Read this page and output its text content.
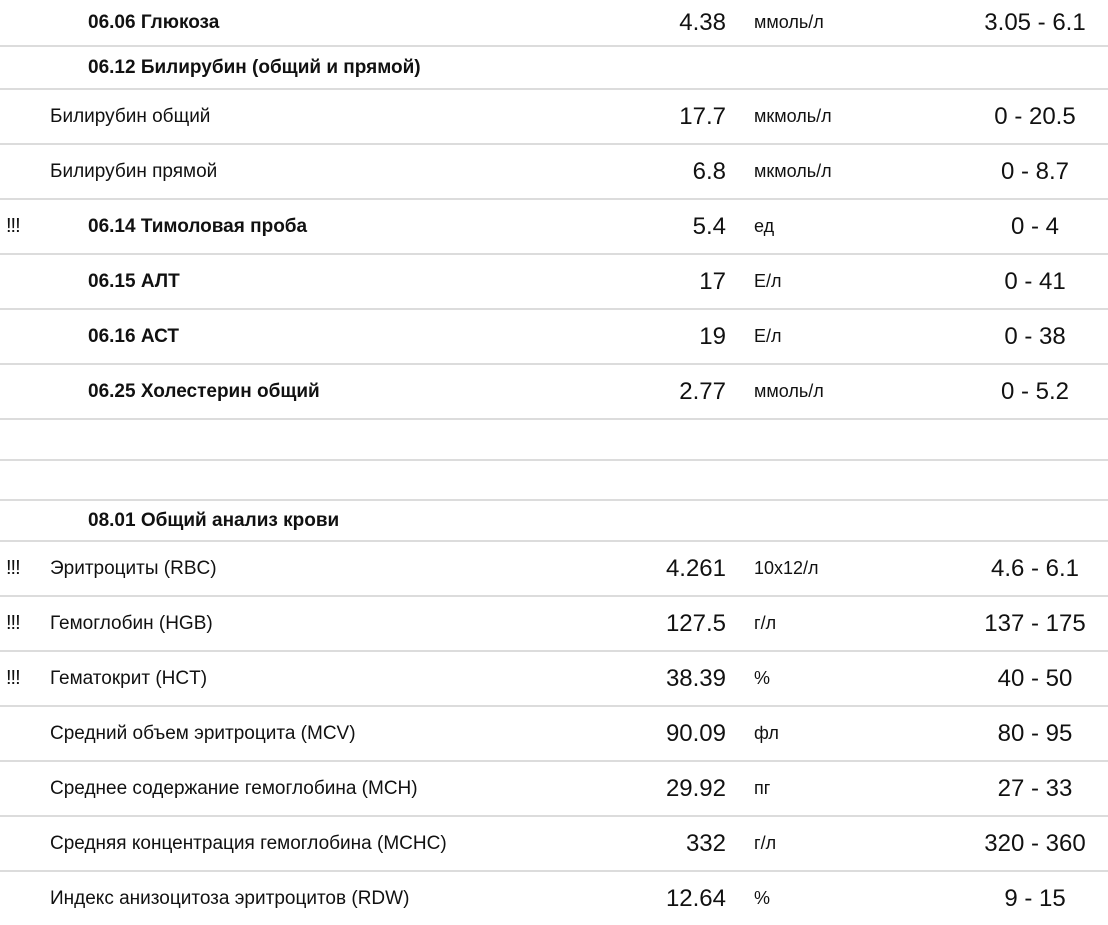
06.06 Глюкоза	4.38 ммоль/л	3.05 - 6.1
06.12 Билирубин (общий и прямой)
Билирубин общий	17.7 мкмоль/л	0 - 20.5
Билирубин прямой	6.8 мкмоль/л	0 - 8.7
!!!	06.14 Тимоловая проба	5.4 ед	0 - 4
06.15 АЛТ	17 Е/л	0 - 41
06.16 АСТ	19 Е/л	0 - 38
06.25 Холестерин общий	2.77 ммоль/л	0 - 5.2
08.01 Общий анализ крови
!!! Эритроциты (RBC)	4.261 10x12/л	4.6 - 6.1
!!! Гемоглобин (HGB)	127.5 г/л	137 - 175
!!! Гематокрит (HCT)	38.39 %	40 - 50
Средний объем эритроцита (MCV)	90.09 фл	80 - 95
Среднее содержание гемоглобина (MCH)	29.92 пг	27 - 33
Средняя концентрация гемоглобина (MCHC)	332 г/л	320 - 360
Индекс анизоцитоза эритроцитов (RDW)	12.64 %	9 - 15
